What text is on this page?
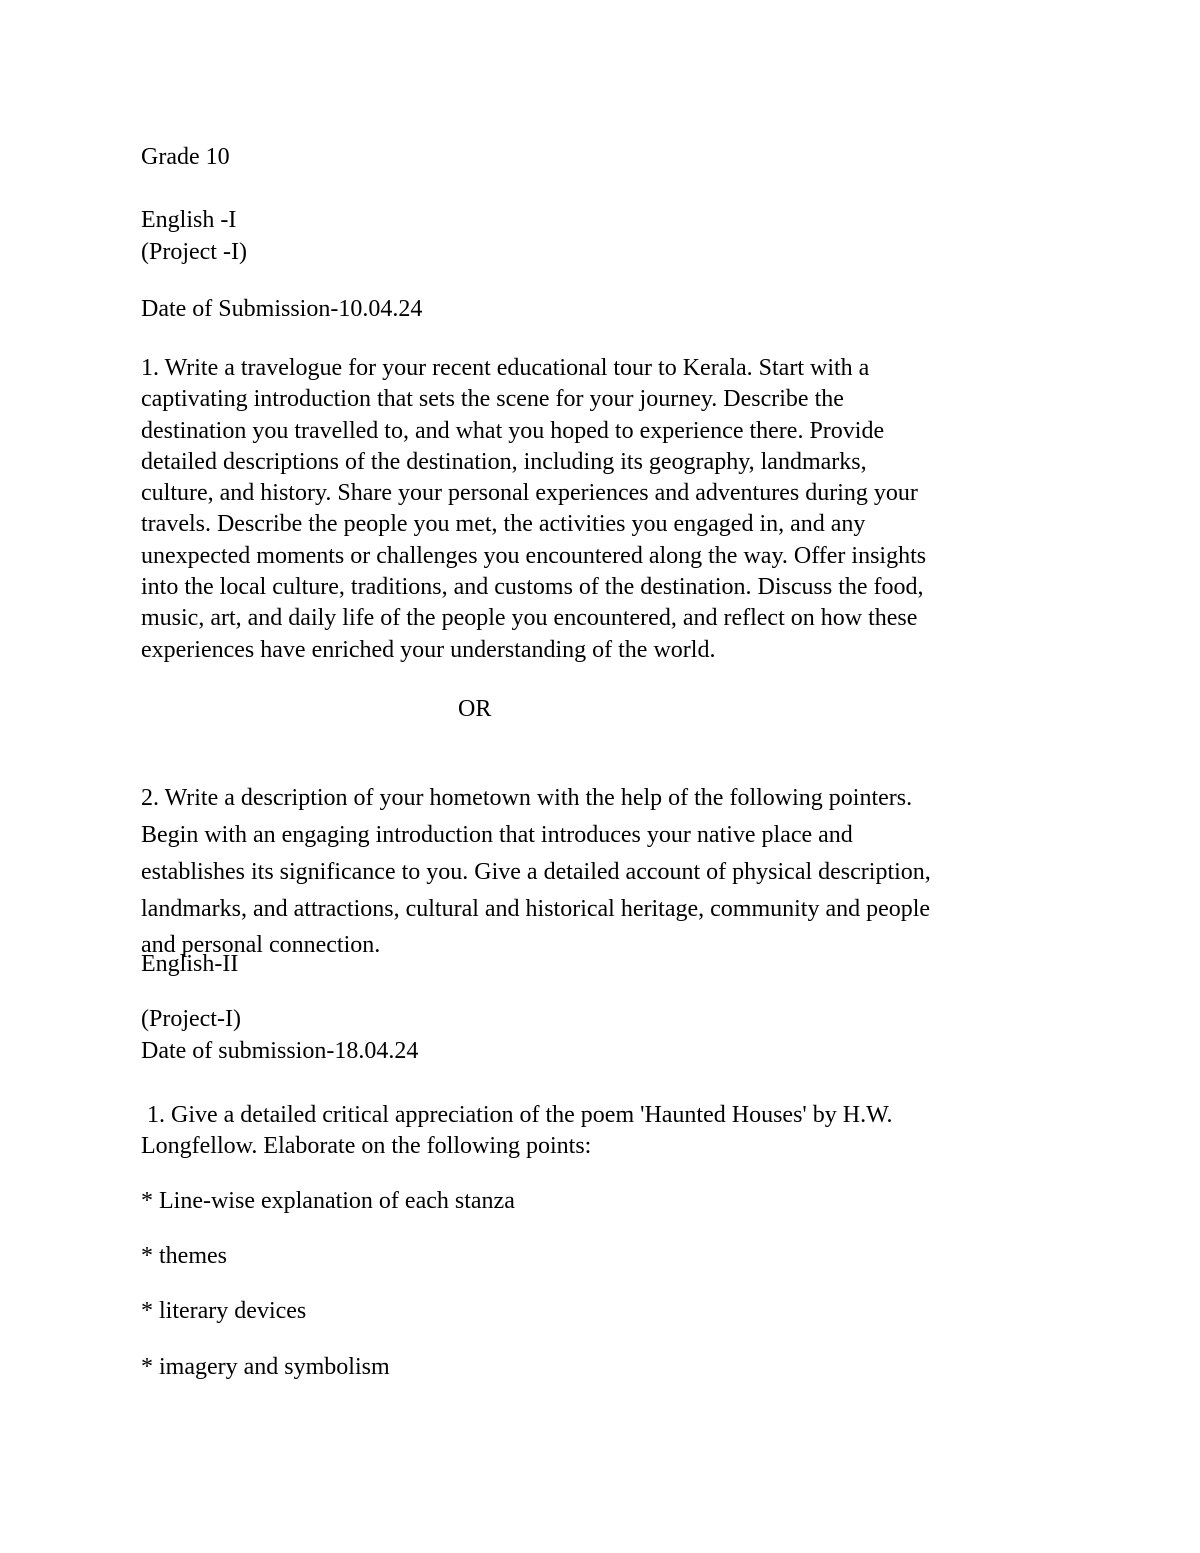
Grade 10
English -I
(Project -I)
Date of Submission-10.04.24
1. Write a travelogue for your recent educational tour to Kerala. Start with a
captivating introduction that sets the scene for your journey. Describe the
destination you travelled to, and what you hoped to experience there. Provide
detailed descriptions of the destination, including its geography, landmarks,
culture, and history. Share your personal experiences and adventures during your
travels. Describe the people you met, the activities you engaged in, and any
unexpected moments or challenges you encountered along the way. Offer insights
into the local culture, traditions, and customs of the destination. Discuss the food,
music, art, and daily life of the people you encountered, and reflect on how these
experiences have enriched your understanding of the world.
OR

2. Write a description of your hometown with the help of the following pointers.
Begin with an engaging introduction that introduces your native place and
establishes its significance to you. Give a detailed account of physical description,
landmarks, and attractions, cultural and historical heritage, community and people
and personal connection.

English-II
(Project-I)
Date of submission-18.04.24
1. Give a detailed critical appreciation of the poem 'Haunted Houses' by H.W.
Longfellow. Elaborate on the following points:
* Line-wise explanation of each stanza
* themes
* literary devices
* imagery and symbolism
